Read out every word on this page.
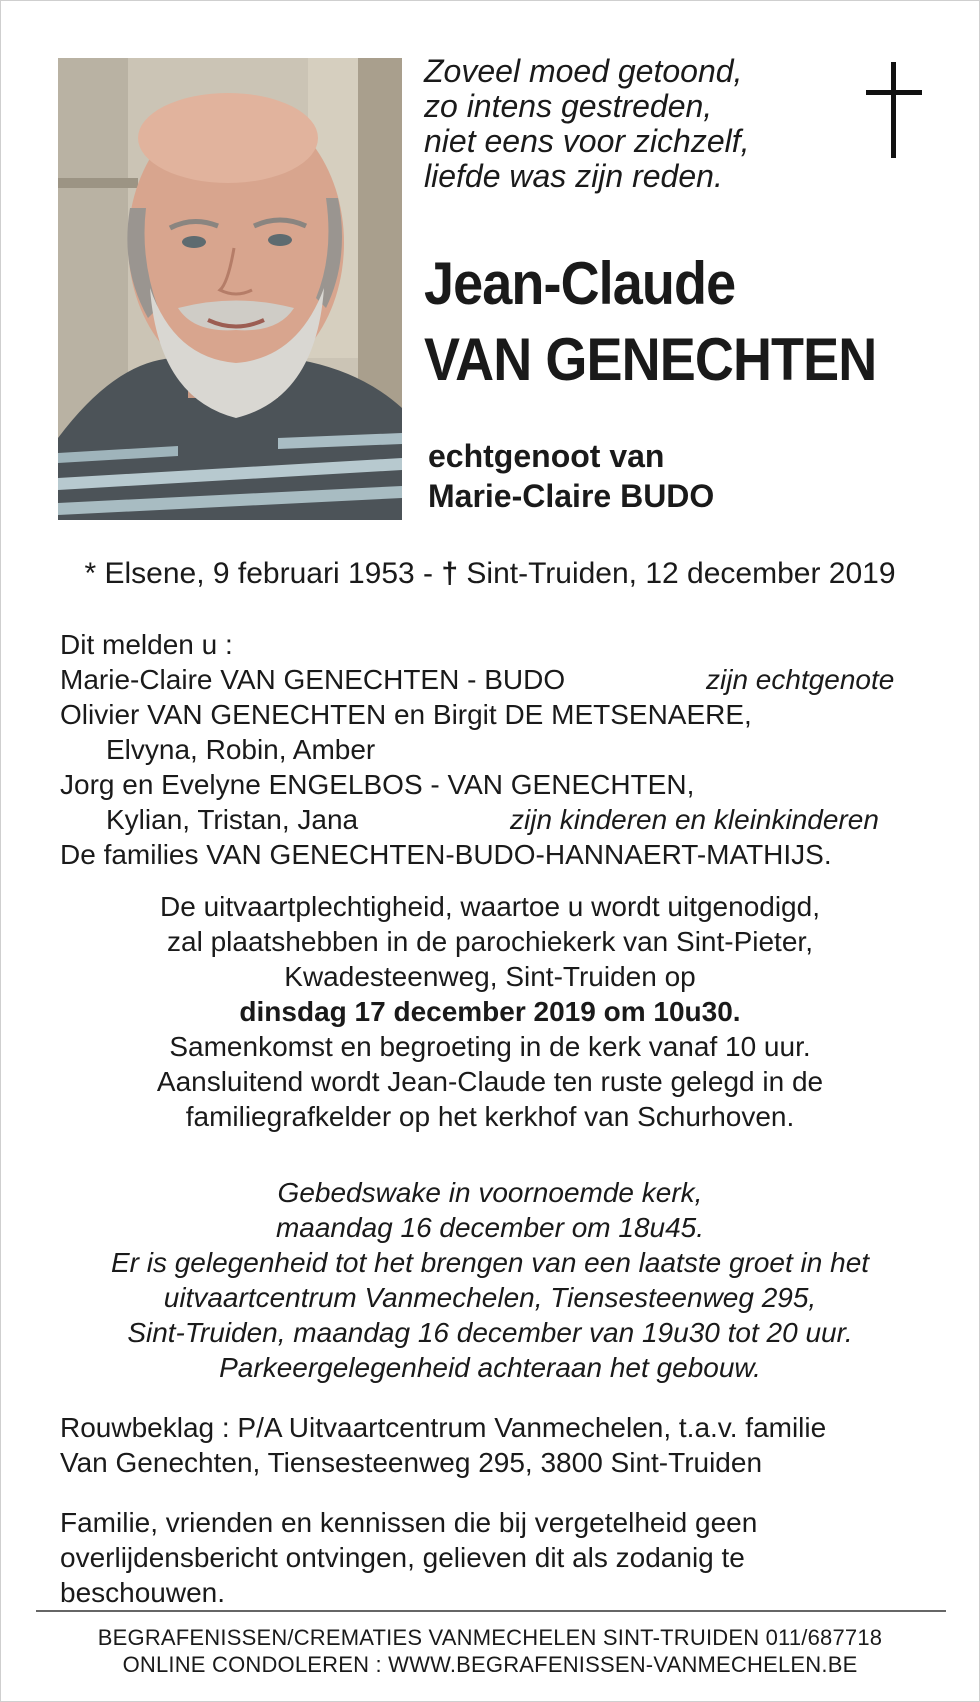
Zoveel moed getoond,
zo intens gestreden,
niet eens voor zichzelf,
liefde was zijn reden.
Jean-Claude
VAN GENECHTEN
echtgenoot van
Marie-Claire BUDO
* Elsene, 9 februari 1953 - † Sint-Truiden, 12 december 2019
Dit melden u :
Marie-Claire VAN GENECHTEN - BUDO	zijn echtgenote
Olivier VAN GENECHTEN en Birgit DE METSENAERE,
Elvyna, Robin, Amber
Jorg en Evelyne ENGELBOS - VAN GENECHTEN,
Kylian, Tristan, Jana	zijn kinderen en kleinkinderen
De families VAN GENECHTEN-BUDO-HANNAERT-MATHIJS.
De uitvaartplechtigheid, waartoe u wordt uitgenodigd,
zal plaatshebben in de parochiekerk van Sint-Pieter,
Kwadesteenweg, Sint-Truiden op
dinsdag 17 december 2019 om 10u30.
Samenkomst en begroeting in de kerk vanaf 10 uur.
Aansluitend wordt Jean-Claude ten ruste gelegd in de
familiegrafkelder op het kerkhof van Schurhoven.
Gebedswake in voornoemde kerk,
maandag 16 december om 18u45.
Er is gelegenheid tot het brengen van een laatste groet in het
uitvaartcentrum Vanmechelen, Tiensesteenweg 295,
Sint-Truiden, maandag 16 december van 19u30 tot 20 uur.
Parkeergelegenheid achteraan het gebouw.
Rouwbeklag : P/A Uitvaartcentrum Vanmechelen, t.a.v. familie
Van Genechten, Tiensesteenweg 295, 3800 Sint-Truiden
Familie, vrienden en kennissen die bij vergetelheid geen
overlijdensbericht ontvingen, gelieven dit als zodanig te
beschouwen.
BEGRAFENISSEN/CREMATIES VANMECHELEN SINT-TRUIDEN 011/687718
ONLINE CONDOLEREN : WWW.BEGRAFENISSEN-VANMECHELEN.BE
